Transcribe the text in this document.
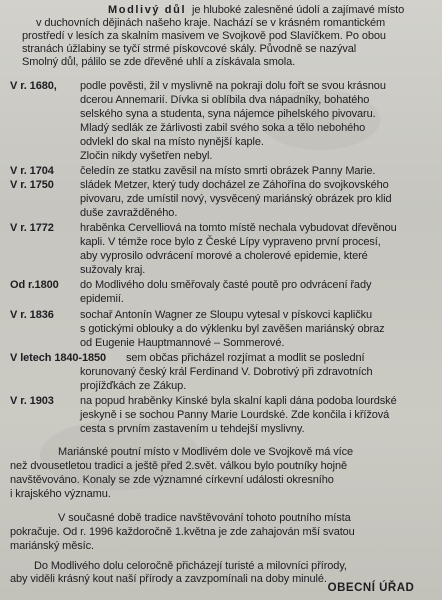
Modlivý důl je hluboké zalesněné údolí a zajímavé místo
v duchovních dějinách našeho kraje. Nachází se v krásném romantickém
prostředí v lesích za skalním masivem ve Svojkově pod Slavíčkem. Po obou
stranách úžlabiny se tyčí strmé pískovcové skály. Původně se nazýval
Smolný důl, pálilo se zde dřevěné uhlí a získávala smola.
V r. 1680, podle pověsti, žil v myslivně na pokraji dolu fořt se svou krásnou
dcerou Annemarií. Dívka si oblíbila dva nápadníky, bohatého
selského syna a studenta, syna nájemce pihelského pivovaru.
Mladý sedlák ze žárlivosti zabil svého soka a tělo nebohého
odvlekl do skal na místo nynější kaple.
Zločin nikdy vyšetřen nebyl.
V r. 1704 čeledín ze statku zavěsil na místo smrti obrázek Panny Marie.
V r. 1750 sládek Metzer, který tudy docházel ze Záhořína do svojkovského
pivovaru, zde umístil nový, vysvěcený mariánský obrázek pro klid
duše zavražděného.
V r. 1772 hraběnka Cervelliová na tomto místě nechala vybudovat dřevěnou
kapli. V témže roce bylo z České Lípy vypraveno první procesí,
aby vyprosilo odvrácení morové a cholerové epidemie, které
sužovaly kraj.
Od r.1800 do Modlivého dolu směřovaly časté poutě pro odvrácení řady
epidemií.
V r. 1836 sochař Antonín Wagner ze Sloupu vytesal v pískovci kapličku
s gotickými oblouky a do výklenku byl zavěšen mariánský obraz
od Eugenie Hauptmannové – Sommerové.
V letech 1840-1850 sem občas přicházel rozjímat a modlit se poslední
korunovaný český král Ferdinand V. Dobrotivý při zdravotních
projížďkách ze Zákup.
V r. 1903 na popud hraběnky Kinské byla skalní kapli dána podoba lourdské
jeskyně i se sochou Panny Marie Lourdské. Zde končila i křížová
cesta s prvním zastavením u tehdejší myslivny.
Mariánské poutní místo v Modlivém dole ve Svojkově má více
než dvousetletou tradici a ještě před 2.svět. válkou bylo poutníky hojně
navštěvováno. Konaly se zde významné církevní události okresního
i krajského významu.
V současné době tradice navštěvování tohoto poutního místa
pokračuje. Od r. 1996 každoročně 1.května je zde zahajován mší svatou
mariánský měsíc.
Do Modlivého dolu celoročně přicházejí turisté a milovníci přírody,
aby viděli krásný kout naší přírody a zavzpomínali na doby minulé.
OBECNÍ ÚŘAD
